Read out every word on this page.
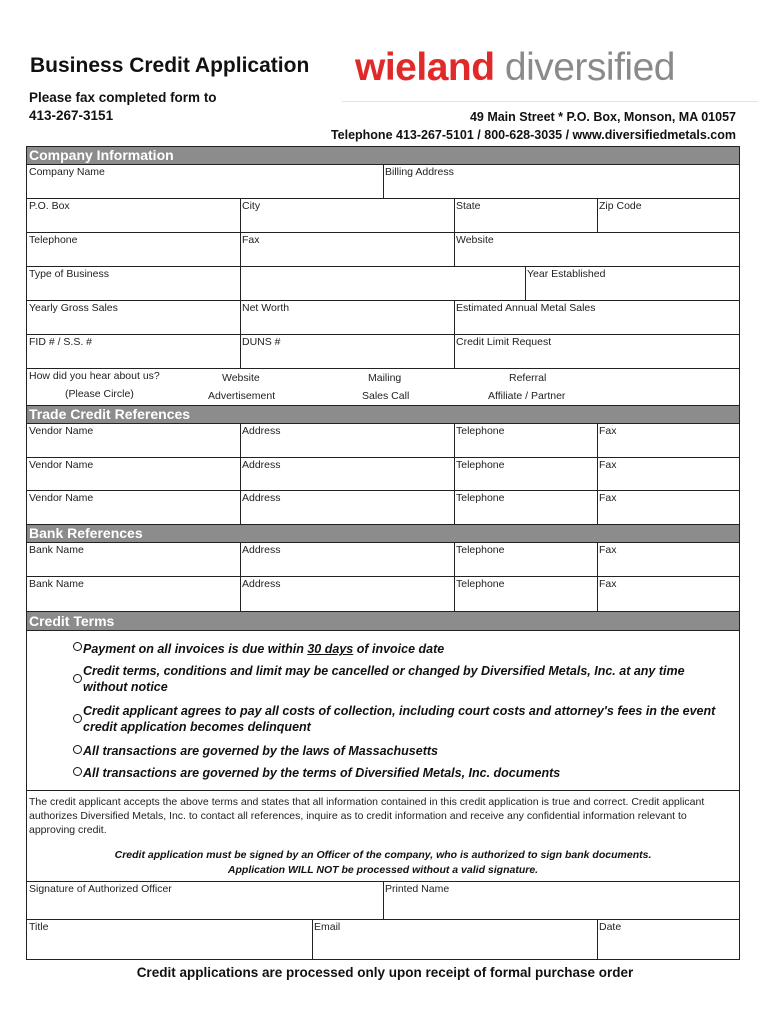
Business Credit Application
Please fax completed form to
413-267-3151
wieland diversified
49 Main Street * P.O. Box, Monson, MA 01057
Telephone 413-267-5101 / 800-628-3035 / www.diversifiedmetals.com
Company Information
Company Name	Billing Address
P.O. Box	City	State	Zip Code
Telephone	Fax	Website
Type of Business	Year Established
Yearly Gross Sales	Net Worth	Estimated Annual Metal Sales
FID # / S.S. #	DUNS #	Credit Limit Request
How did you hear about us?
(Please Circle)
Website	Mailing	Referral
Advertisement	Sales Call	Affiliate / Partner
Trade Credit References
Vendor Name	Address	Telephone	Fax
Vendor Name	Address	Telephone	Fax
Vendor Name	Address	Telephone	Fax
Bank References
Bank Name	Address	Telephone	Fax
Bank Name	Address	Telephone	Fax
Credit Terms
Payment on all invoices is due within 30 days of invoice date
Credit terms, conditions and limit may be cancelled or changed by Diversified Metals, Inc. at any time
without notice
Credit applicant agrees to pay all costs of collection, including court costs and attorney's fees in the event
credit application becomes delinquent
All transactions are governed by the laws of Massachusetts
All transactions are governed by the terms of Diversified Metals, Inc. documents
The credit applicant accepts the above terms and states that all information contained in this credit application is true and correct. Credit applicant authorizes Diversified Metals, Inc. to contact all references, inquire as to credit information and receive any confidential information relevant to approving credit.
Credit application must be signed by an Officer of the company, who is authorized to sign bank documents.
Application WILL NOT be processed without a valid signature.
Signature of Authorized Officer	Printed Name
Title	Email	Date
Credit applications are processed only upon receipt of formal purchase order
